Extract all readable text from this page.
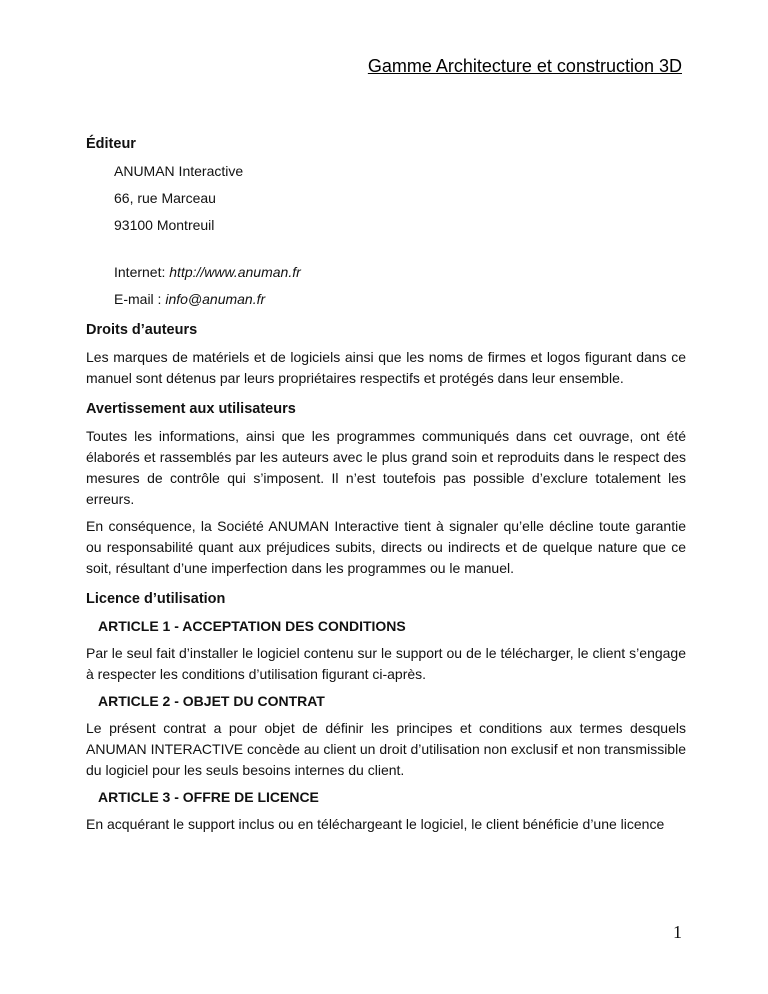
Gamme Architecture et construction 3D

Éditeur

ANUMAN Interactive

66, rue Marceau

93100 Montreuil

Internet: http://www.anuman.fr

E-mail : info@anuman.fr

Droits d’auteurs

Les marques de matériels et de logiciels ainsi que les noms de firmes et logos figurant dans ce manuel sont détenus par leurs propriétaires respectifs et protégés dans leur ensemble.

Avertissement aux utilisateurs

Toutes les informations, ainsi que les programmes communiqués dans cet ouvrage, ont été élaborés et rassemblés par les auteurs avec le plus grand soin et reproduits dans le respect des mesures de contrôle qui s’imposent. Il n’est toutefois pas possible d’exclure totalement les erreurs.

En conséquence, la Société ANUMAN Interactive tient à signaler qu’elle décline toute garantie ou responsabilité quant aux préjudices subits, directs ou indirects et de quelque nature que ce soit, résultant d’une imperfection dans les programmes ou le manuel.

Licence d’utilisation

ARTICLE 1 - ACCEPTATION DES CONDITIONS

Par le seul fait d’installer le logiciel contenu sur le support ou de le télécharger, le client s’engage à respecter les conditions d’utilisation figurant ci-après.

ARTICLE 2 - OBJET DU CONTRAT

Le présent contrat a pour objet de définir les principes et conditions aux termes desquels ANUMAN INTERACTIVE concède au client un droit d’utilisation non exclusif et non transmissible du logiciel pour les seuls besoins internes du client.

ARTICLE 3 - OFFRE DE LICENCE

En acquérant le support inclus ou en téléchargeant le logiciel, le client bénéficie d’une licence

1
